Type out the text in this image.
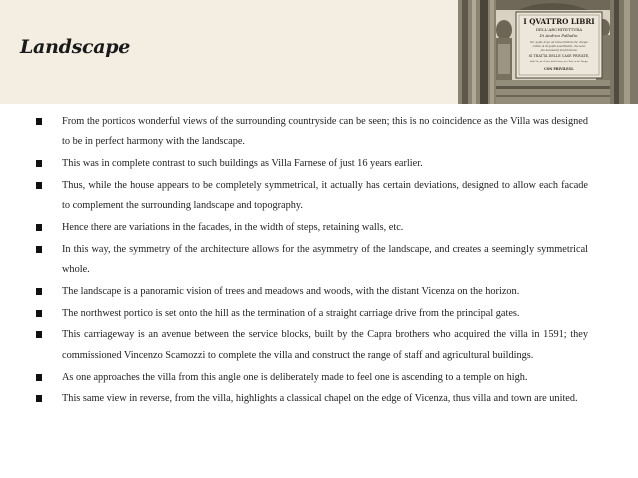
Landscape
I QVATTRO LIBRI
DELL'ARCHITETTVRA
Di Andrea Palladio.
Ne' quali, dopo un breve trattato de' cinque
ordini, & di quelli auertimenti, che sono
piu necessarij nel fabricare;
SI TRATTA DELLE CASE PRIVATE,
delle Vie, de i Ponti, delle Piazze, de i Xisti, et de' Tempij.
CON PRIVILEGI.
From the porticos wonderful views of the surrounding countryside can be seen; this is no coincidence as the Villa was designed to be in perfect harmony with the landscape.
This was in complete contrast to such buildings as Villa Farnese of just 16 years earlier.
Thus, while the house appears to be completely symmetrical, it actually has certain deviations, designed to allow each facade to complement the surrounding landscape and topography.
Hence there are variations in the facades, in the width of steps, retaining walls, etc.
In this way, the symmetry of the architecture allows for the asymmetry of the landscape, and creates a seemingly symmetrical whole.
The landscape is a panoramic vision of trees and meadows and woods, with the distant Vicenza on the horizon.
The northwest portico is set onto the hill as the termination of a straight carriage drive from the principal gates.
This carriageway is an avenue between the service blocks, built by the Capra brothers who acquired the villa in 1591; they commissioned Vincenzo Scamozzi to complete the villa and construct the range of staff and agricultural buildings.
As one approaches the villa from this angle one is deliberately made to feel one is ascending to a temple on high.
This same view in reverse, from the villa, highlights a classical chapel on the edge of Vicenza, thus villa and town are united.
